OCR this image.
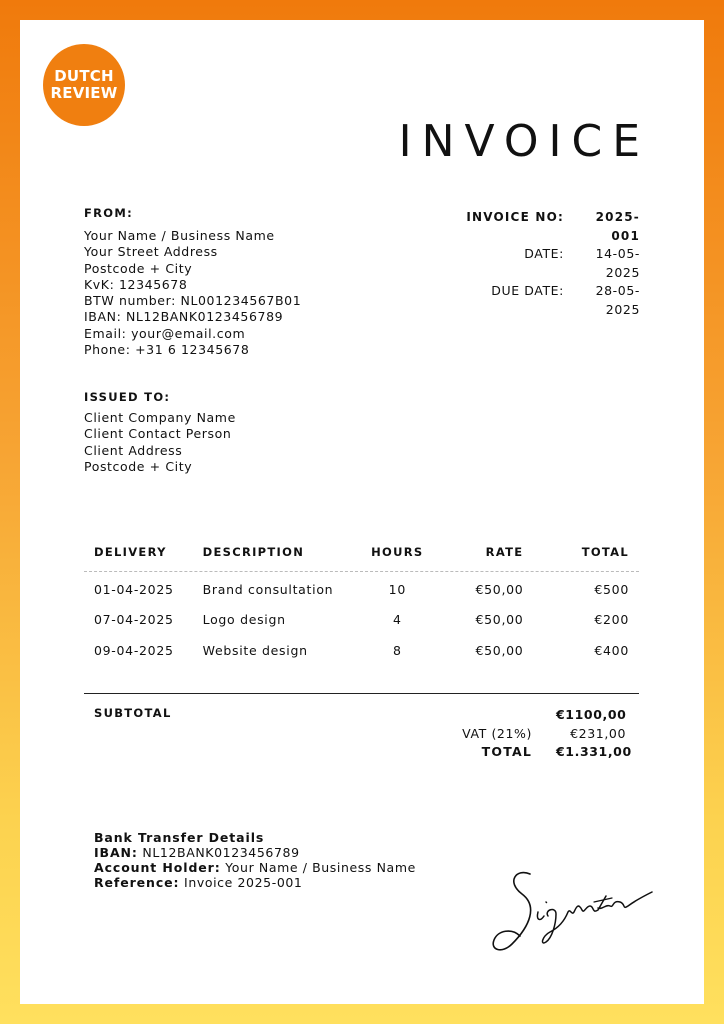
DUTCH
REVIEW
INVOICE
FROM:
Your Name / Business Name
Your Street Address
Postcode + City
KvK: 12345678
BTW number: NL001234567B01
IBAN: NL12BANK0123456789
Email: your@email.com
Phone: +31 6 12345678
INVOICE NO:	2025-001
DATE:	14-05-2025
DUE DATE:	28-05-2025
ISSUED TO:
Client Company Name
Client Contact Person
Client Address
Postcode + City
DELIVERY	DESCRIPTION	HOURS	RATE	TOTAL

01-04-2025	Brand consultation	10	€50,00	€500
07-04-2025	Logo design	4	€50,00	€200
09-04-2025	Website design	8	€50,00	€400
SUBTOTAL	€1100,00
VAT (21%)	€231,00
TOTAL €1.331,00
Bank Transfer Details
IBAN: NL12BANK0123456789
Account Holder: Your Name / Business Name
Reference: Invoice 2025-001
